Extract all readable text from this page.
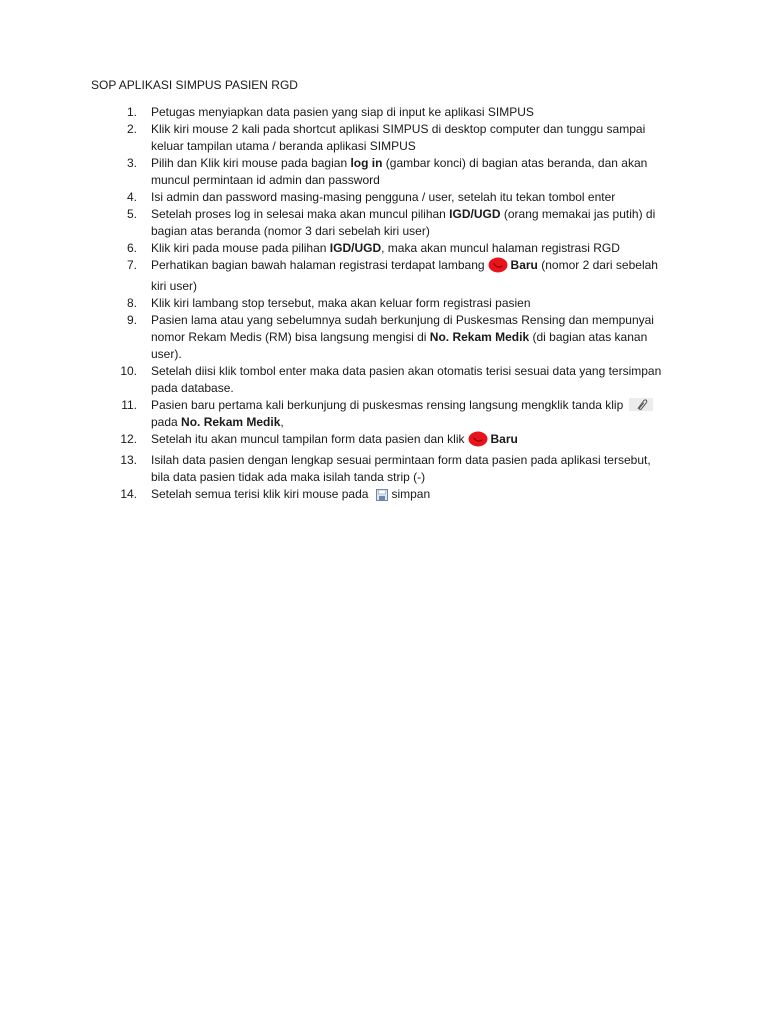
SOP APLIKASI SIMPUS PASIEN RGD
1. Petugas menyiapkan data pasien yang siap di input ke aplikasi SIMPUS
2. Klik kiri mouse 2 kali pada shortcut aplikasi SIMPUS di desktop computer dan tunggu sampai
keluar tampilan utama / beranda aplikasi SIMPUS
3. Pilih dan Klik kiri mouse pada bagian log in (gambar konci) di bagian atas beranda, dan akan
muncul permintaan id admin dan password
4. Isi admin dan password masing-masing pengguna / user, setelah itu tekan tombol enter
5. Setelah proses log in selesai maka akan muncul pilihan IGD/UGD (orang memakai jas putih) di
bagian atas beranda (nomor 3 dari sebelah kiri user)
6. Klik kiri pada mouse pada pilihan IGD/UGD, maka akan muncul halaman registrasi RGD
7. Perhatikan bagian bawah halaman registrasi terdapat lambang Baru (nomor 2 dari sebelah
kiri user)
8. Klik kiri lambang stop tersebut, maka akan keluar form registrasi pasien
9. Pasien lama atau yang sebelumnya sudah berkunjung di Puskesmas Rensing dan mempunyai
nomor Rekam Medis (RM) bisa langsung mengisi di No. Rekam Medik (di bagian atas kanan
user).
10. Setelah diisi klik tombol enter maka data pasien akan otomatis terisi sesuai data yang tersimpan
pada database.
11. Pasien baru pertama kali berkunjung di puskesmas rensing langsung mengklik tanda klip
pada No. Rekam Medik,
12. Setelah itu akan muncul tampilan form data pasien dan klik Baru
13. Isilah data pasien dengan lengkap sesuai permintaan form data pasien pada aplikasi tersebut,
bila data pasien tidak ada maka isilah tanda strip (-)
14. Setelah semua terisi klik kiri mouse pada simpan
